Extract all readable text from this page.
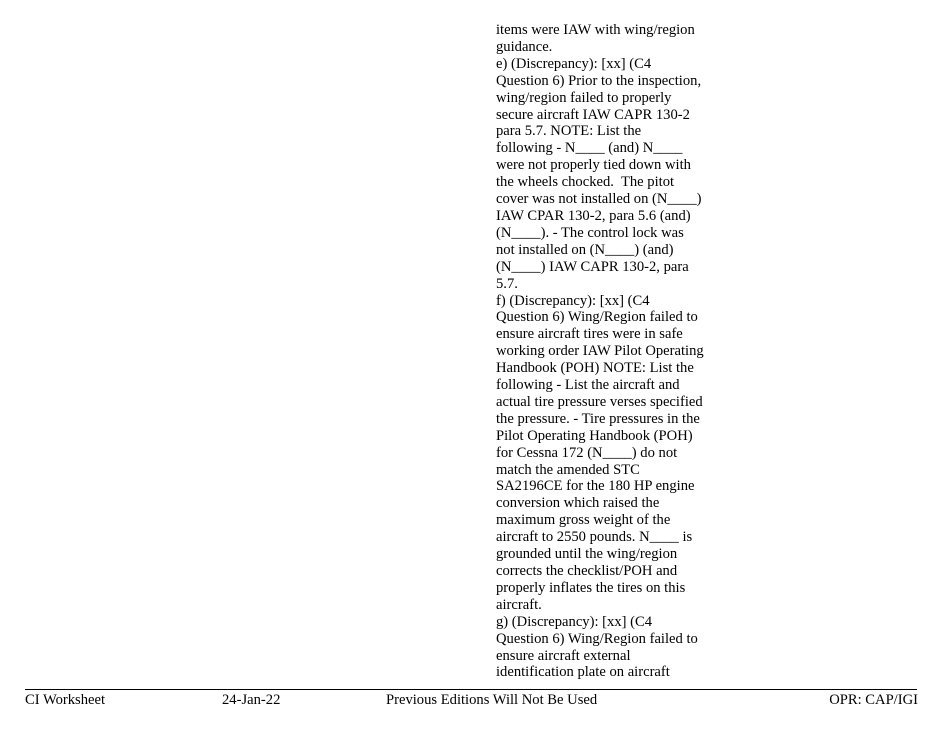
items were IAW with wing/region
guidance.
e) (Discrepancy): [xx] (C4
Question 6) Prior to the inspection,
wing/region failed to properly
secure aircraft IAW CAPR 130-2
para 5.7. NOTE: List the
following - N____ (and) N____
were not properly tied down with
the wheels chocked.  The pitot
cover was not installed on (N____)
IAW CPAR 130-2, para 5.6 (and)
(N____). - The control lock was
not installed on (N____) (and)
(N____) IAW CAPR 130-2, para
5.7.
f) (Discrepancy): [xx] (C4
Question 6) Wing/Region failed to
ensure aircraft tires were in safe
working order IAW Pilot Operating
Handbook (POH) NOTE: List the
following - List the aircraft and
actual tire pressure verses specified
the pressure. - Tire pressures in the
Pilot Operating Handbook (POH)
for Cessna 172 (N____) do not
match the amended STC
SA2196CE for the 180 HP engine
conversion which raised the
maximum gross weight of the
aircraft to 2550 pounds. N____ is
grounded until the wing/region
corrects the checklist/POH and
properly inflates the tires on this
aircraft.
g) (Discrepancy): [xx] (C4
Question 6) Wing/Region failed to
ensure aircraft external
identification plate on aircraft
CI Worksheet	24-Jan-22	Previous Editions Will Not Be Used	OPR: CAP/IGI
